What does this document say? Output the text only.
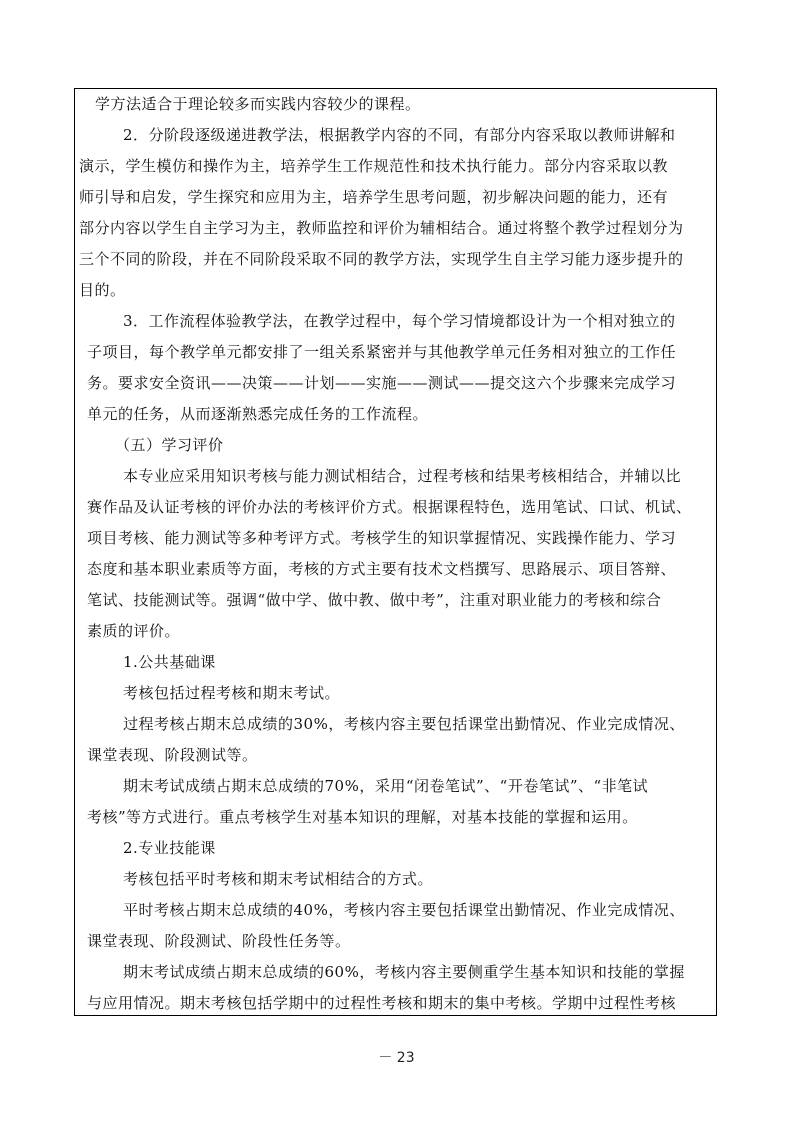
学方法适合于理论较多而实践内容较少的课程。
2．分阶段逐级递进教学法，根据教学内容的不同，有部分内容采取以教师讲解和
演示，学生模仿和操作为主，培养学生工作规范性和技术执行能力。部分内容采取以教
师引导和启发，学生探究和应用为主，培养学生思考问题，初步解决问题的能力，还有
部分内容以学生自主学习为主，教师监控和评价为辅相结合。通过将整个教学过程划分为
三个不同的阶段，并在不同阶段采取不同的教学方法，实现学生自主学习能力逐步提升的
目的。
3．工作流程体验教学法，在教学过程中，每个学习情境都设计为一个相对独立的
子项目，每个教学单元都安排了一组关系紧密并与其他教学单元任务相对独立的工作任
务。要求安全资讯——决策——计划——实施——测试——提交这六个步骤来完成学习
单元的任务，从而逐渐熟悉完成任务的工作流程。
（五）学习评价
本专业应采用知识考核与能力测试相结合，过程考核和结果考核相结合，并辅以比
赛作品及认证考核的评价办法的考核评价方式。根据课程特色，选用笔试、口试、机试、
项目考核、能力测试等多种考评方式。考核学生的知识掌握情况、实践操作能力、学习
态度和基本职业素质等方面，考核的方式主要有技术文档撰写、思路展示、项目答辩、
笔试、技能测试等。强调“做中学、做中教、做中考”，注重对职业能力的考核和综合
素质的评价。
1.公共基础课
考核包括过程考核和期末考试。
过程考核占期末总成绩的30%，考核内容主要包括课堂出勤情况、作业完成情况、
课堂表现、阶段测试等。
期末考试成绩占期末总成绩的70%，采用“闭卷笔试”、“开卷笔试”、“非笔试
考核”等方式进行。重点考核学生对基本知识的理解，对基本技能的掌握和运用。
2.专业技能课
考核包括平时考核和期末考试相结合的方式。
平时考核占期末总成绩的40%，考核内容主要包括课堂出勤情况、作业完成情况、
课堂表现、阶段测试、阶段性任务等。
期末考试成绩占期末总成绩的60%，考核内容主要侧重学生基本知识和技能的掌握
与应用情况。期末考核包括学期中的过程性考核和期末的集中考核。学期中过程性考核
－ 23
